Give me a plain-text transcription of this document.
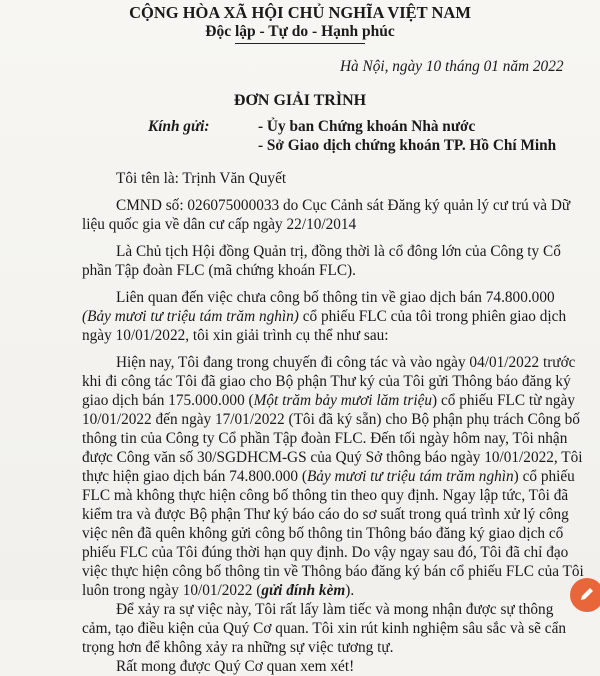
CỘNG HÒA XÃ HỘI CHỦ NGHĨA VIỆT NAM
Độc lập - Tự do - Hạnh phúc
Hà Nội, ngày 10 tháng 01 năm 2022
ĐƠN GIẢI TRÌNH
Kính gửi:	- Ủy ban Chứng khoán Nhà nước
- Sở Giao dịch chứng khoán TP. Hồ Chí Minh
Tôi tên là: Trịnh Văn Quyết
CMND số: 026075000033 do Cục Cảnh sát Đăng ký quản lý cư trú và Dữ
liệu quốc gia về dân cư cấp ngày 22/10/2014
Là Chủ tịch Hội đồng Quản trị, đồng thời là cổ đông lớn của Công ty Cổ
phần Tập đoàn FLC (mã chứng khoán FLC).
Liên quan đến việc chưa công bố thông tin về giao dịch bán 74.800.000
(Bảy mươi tư triệu tám trăm nghìn) cổ phiếu FLC của tôi trong phiên giao dịch
ngày 10/01/2022, tôi xin giải trình cụ thể như sau:
Hiện nay, Tôi đang trong chuyến đi công tác và vào ngày 04/01/2022 trước
khi đi công tác Tôi đã giao cho Bộ phận Thư ký của Tôi gửi Thông báo đăng ký
giao dịch bán 175.000.000 (Một trăm bảy mươi lăm triệu) cổ phiếu FLC từ ngày
10/01/2022 đến ngày 17/01/2022 (Tôi đã ký sẵn) cho Bộ phận phụ trách Công bố
thông tin của Công ty Cổ phần Tập đoàn FLC. Đến tối ngày hôm nay, Tôi nhận
được Công văn số 30/SGDHCM-GS của Quý Sở thông báo ngày 10/01/2022, Tôi
thực hiện giao dịch bán 74.800.000 (Bảy mươi tư triệu tám trăm nghìn) cổ phiếu
FLC mà không thực hiện công bố thông tin theo quy định. Ngay lập tức, Tôi đã
kiểm tra và được Bộ phận Thư ký báo cáo do sơ suất trong quá trình xử lý công
việc nên đã quên không gửi công bố thông tin Thông báo đăng ký giao dịch cổ
phiếu FLC của Tôi đúng thời hạn quy định. Do vậy ngay sau đó, Tôi đã chỉ đạo
việc thực hiện công bố thông tin về Thông báo đăng ký bán cổ phiếu FLC của Tôi
luôn trong ngày 10/01/2022 (gửi đính kèm).
Để xảy ra sự việc này, Tôi rất lấy làm tiếc và mong nhận được sự thông
cảm, tạo điều kiện của Quý Cơ quan. Tôi xin rút kinh nghiệm sâu sắc và sẽ cẩn
trọng hơn để không xảy ra những sự việc tương tự.
Rất mong được Quý Cơ quan xem xét!
